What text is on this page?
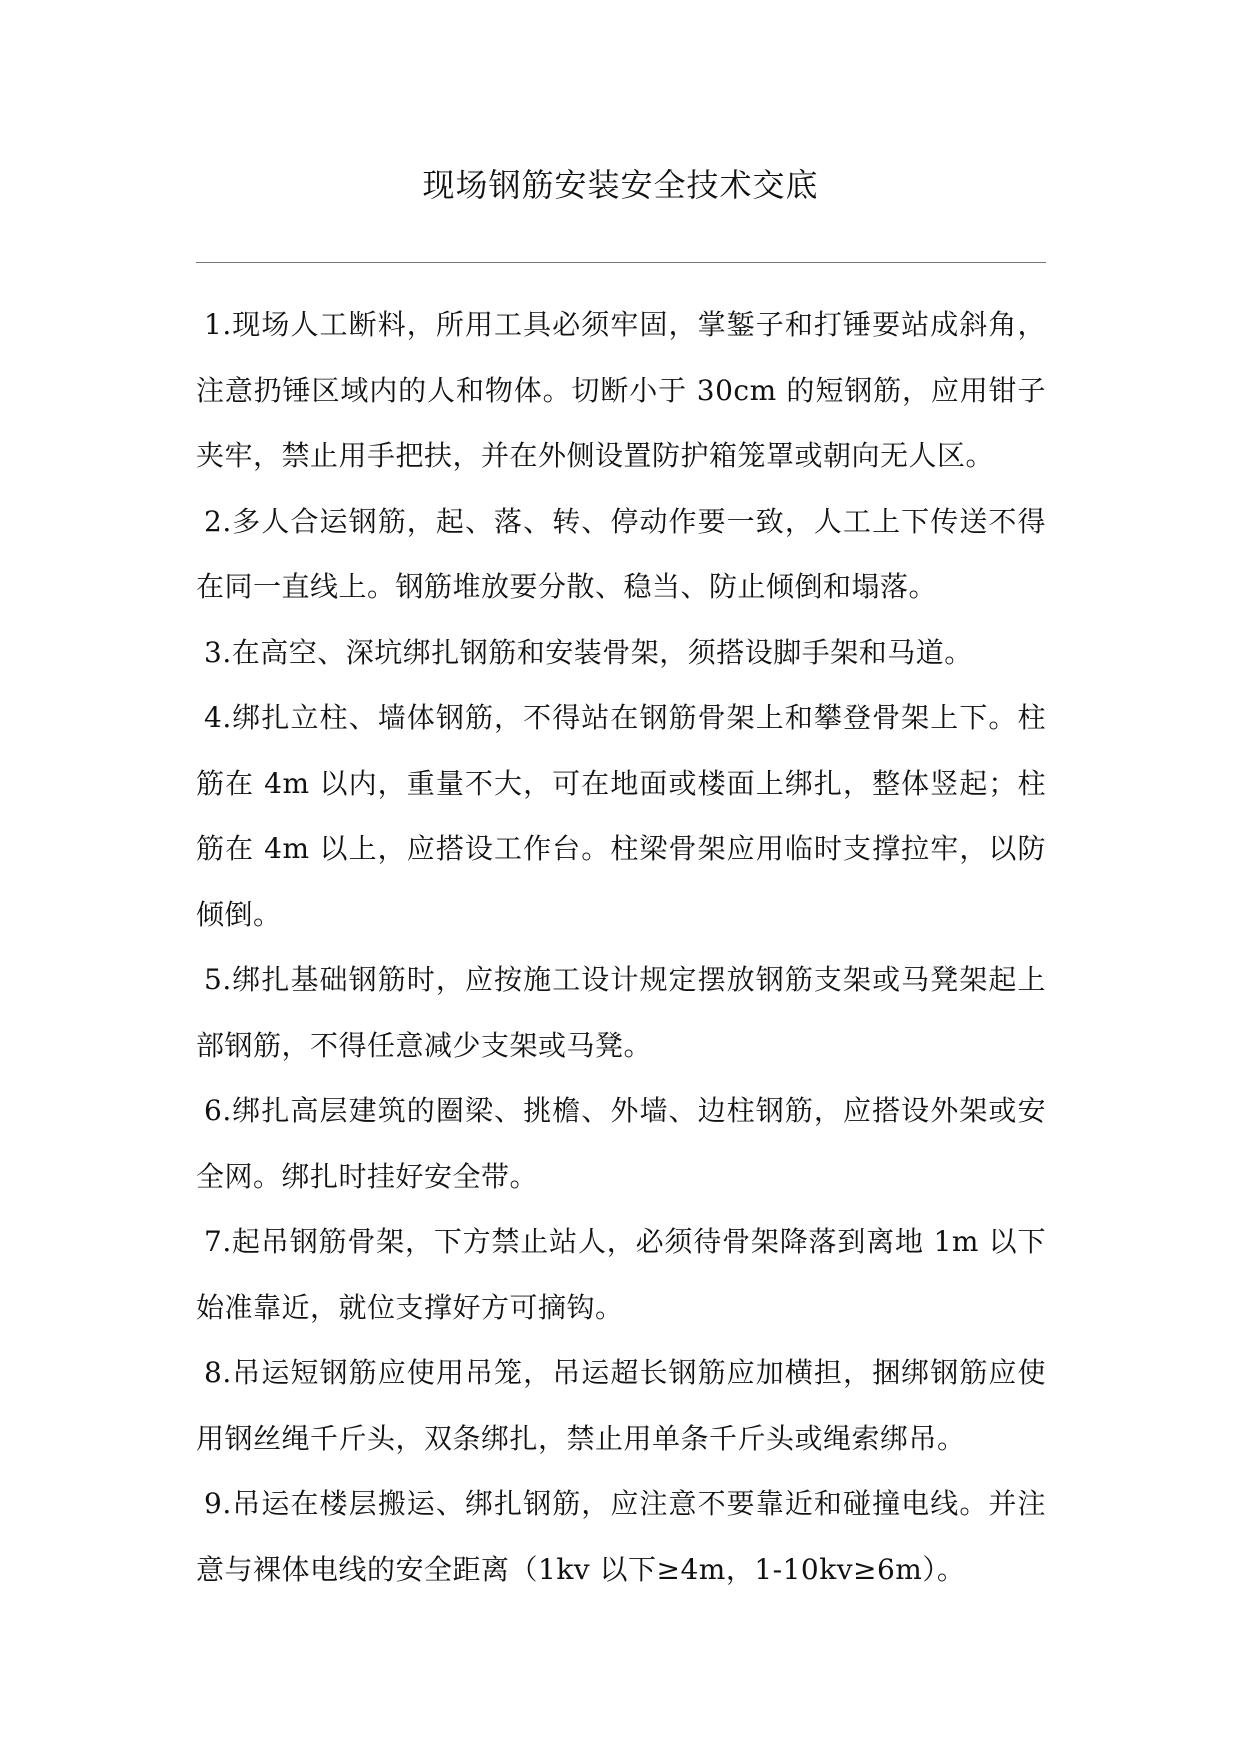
现场钢筋安装安全技术交底

1.现场人工断料，所用工具必须牢固，掌錾子和打锤要站成斜角，注意扔锤区域内的人和物体。切断小于 30cm 的短钢筋，应用钳子夹牢，禁止用手把扶，并在外侧设置防护箱笼罩或朝向无人区。

2.多人合运钢筋，起、落、转、停动作要一致，人工上下传送不得在同一直线上。钢筋堆放要分散、稳当、防止倾倒和塌落。

3.在高空、深坑绑扎钢筋和安装骨架，须搭设脚手架和马道。

4.绑扎立柱、墙体钢筋，不得站在钢筋骨架上和攀登骨架上下。柱筋在 4m 以内，重量不大，可在地面或楼面上绑扎，整体竖起；柱筋在 4m 以上，应搭设工作台。柱梁骨架应用临时支撑拉牢，以防倾倒。

5.绑扎基础钢筋时，应按施工设计规定摆放钢筋支架或马凳架起上部钢筋，不得任意减少支架或马凳。

6.绑扎高层建筑的圈梁、挑檐、外墙、边柱钢筋，应搭设外架或安全网。绑扎时挂好安全带。

7.起吊钢筋骨架，下方禁止站人，必须待骨架降落到离地 1m 以下始准靠近，就位支撑好方可摘钩。

8.吊运短钢筋应使用吊笼，吊运超长钢筋应加横担，捆绑钢筋应使用钢丝绳千斤头，双条绑扎，禁止用单条千斤头或绳索绑吊。

9.吊运在楼层搬运、绑扎钢筋，应注意不要靠近和碰撞电线。并注意与裸体电线的安全距离（1kv 以下≥4m，1-10kv≥6m）。
